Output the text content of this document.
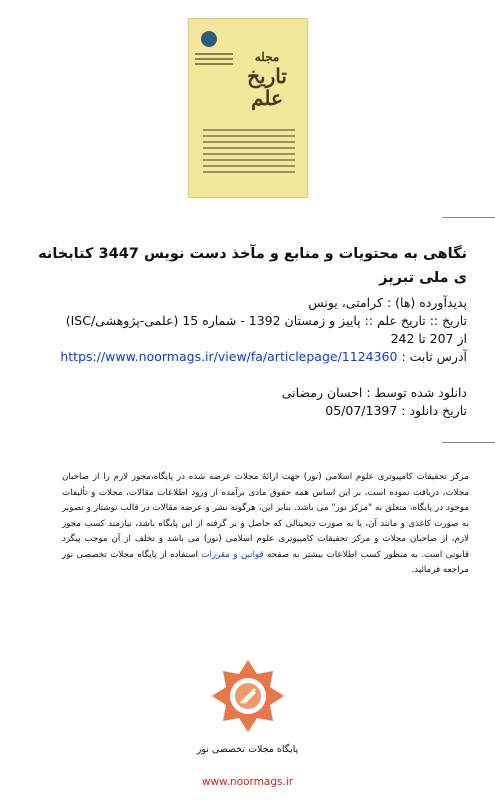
مجله
تاریخ علم
نگاهی به محتویات و منابع و مآخذ دست نویس 3447 کتابخانه ی ملی تبریز
پدیدآورده (ها) : کرامتی، یونس
تاریخ :: تاریخ علم :: پاییز و زمستان 1392 - شماره 15 (علمی-پژوهشی/ISC)
از 207 تا 242
آدرس ثابت : https://www.noormags.ir/view/fa/articlepage/1124360
دانلود شده توسط : احسان رمضانی
تاریخ دانلود : 05/07/1397
مرکز تحقیقات کامپیوتری علوم اسلامی (نور) جهت ارائهٔ مجلات عرضه شده در پایگاه،مجوز لازم را از صاحبان مجلات، دریافت نموده است، بر این اساس همه حقوق مادی برآمده از ورود اطلاعات مقالات، مجلات و تألیفات موجود در پایگاه، متعلق به "مرکز نور" می باشد. بنابر این، هرگونه نشر و عرضه مقالات در قالب نوشتار و تصویر به صورت کاغذی و مانند آن، یا به صورت دیجیتالی که حاصل و بر گرفته از این پایگاه باشد، نیازمند کسب مجوز لازم، از صاحبان مجلات و مرکز تحقیقات کامپیوتری علوم اسلامی (نور) می باشد و تخلف از آن موجب پیگرد قانونی است. به منظور کسب اطلاعات بیشتر به صفحه قوانین و مقررات استفاده از پایگاه مجلات تخصصی نور مراجعه فرمائید.
پایگاه مجلات تخصصی نور
www.noormags.ir
